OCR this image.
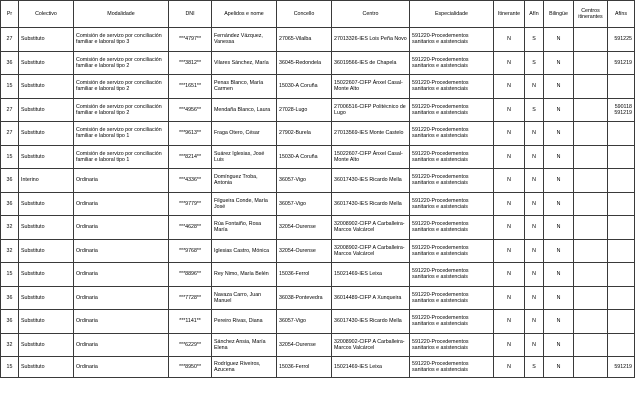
Pr	Colectivo	Modalidade	DNI	Apelidos e nome	Concello	Centro	Especialidade	Itinerante	Afín	Bilingüe	Centros itinerantes	Afíns
27	Substituto	Comisión de servizo por conciliación familiar e laboral tipo 3	***4797**	Fernández Vázquez, Vanessa	27065-Vilalba	27013326-IES Lois Peña Novo	591220-Procedementos sanitarios e asistenciais	N	S	N		591225
36	Substituto	Comisión de servizo por conciliación familiar e laboral tipo 2	***3812**	Vilares Sánchez, María	36045-Redondela	36019566-IES de Chapela	591220-Procedementos sanitarios e asistenciais	N	S	N		591219
15	Substituto	Comisión de servizo por conciliación familiar e laboral tipo 2	***1651**	Penas Blanco, María Carmen	15030-A Coruña	15022607-CIFP Ánxel Casal-Monte Alto	591220-Procedementos sanitarios e asistenciais	N	N	N		
27	Substituto	Comisión de servizo por conciliación familiar e laboral tipo 2	***4956**	Mendaña Blanco, Laura	27028-Lugo	27006516-CIFP Politécnico de Lugo	591220-Procedementos sanitarios e asistenciais	N	S	N		590118 591219
27	Substituto	Comisión de servizo por conciliación familiar e laboral tipo 1	***9613**	Fraga Otero, César	27902-Burela	27013569-IES Monte Castelo	591220-Procedementos sanitarios e asistenciais	N	N	N		
15	Substituto	Comisión de servizo por conciliación familiar e laboral tipo 1	***8214**	Suárez Iglesias, José Luis	15030-A Coruña	15022607-CIFP Ánxel Casal-Monte Alto	591220-Procedementos sanitarios e asistenciais	N	N	N		
36	Interino	Ordinaria	***4336**	Domínguez Troba, Antonia	36057-Vigo	36017430-IES Ricardo Mella	591220-Procedementos sanitarios e asistenciais	N	N	N		
36	Substituto	Ordinaria	***9779**	Filgueira Conde, María José	36057-Vigo	36017430-IES Ricardo Mella	591220-Procedementos sanitarios e asistenciais	N	N	N		
32	Substituto	Ordinaria	***4628**	Rúa Fontaiño, Rosa María	32054-Ourense	32008902-CIFP A Carballeira-Marcos Valcárcel	591220-Procedementos sanitarios e asistenciais	N	N	N		
32	Substituto	Ordinaria	***9768**	Iglesias Castro, Mónica	32054-Ourense	32008902-CIFP A Carballeira-Marcos Valcárcel	591220-Procedementos sanitarios e asistenciais	N	N	N		
15	Substituto	Ordinaria	***8896**	Rey Nimo, María Belén	15036-Ferrol	15021469-IES Leixa	591220-Procedementos sanitarios e asistenciais	N	N	N		
36	Substituto	Ordinaria	***7728**	Navaza Carro, Juan Manuel	36038-Pontevedra	36014489-CIFP A Xunqueira	591220-Procedementos sanitarios e asistenciais	N	N	N		
36	Substituto	Ordinaria	***1141**	Pereiro Rivas, Diana	36057-Vigo	36017430-IES Ricardo Mella	591220-Procedementos sanitarios e asistenciais	N	N	N		
32	Substituto	Ordinaria	***6229**	Sánchez Ansia, María Elena	32054-Ourense	32008902-CIFP A Carballeira-Marcos Valcárcel	591220-Procedementos sanitarios e asistenciais	N	N	N		
15	Substituto	Ordinaria	***8950**	Rodríguez Riveiros, Azucena	15036-Ferrol	15021469-IES Leixa	591220-Procedementos sanitarios e asistenciais	N	S	N		591219
